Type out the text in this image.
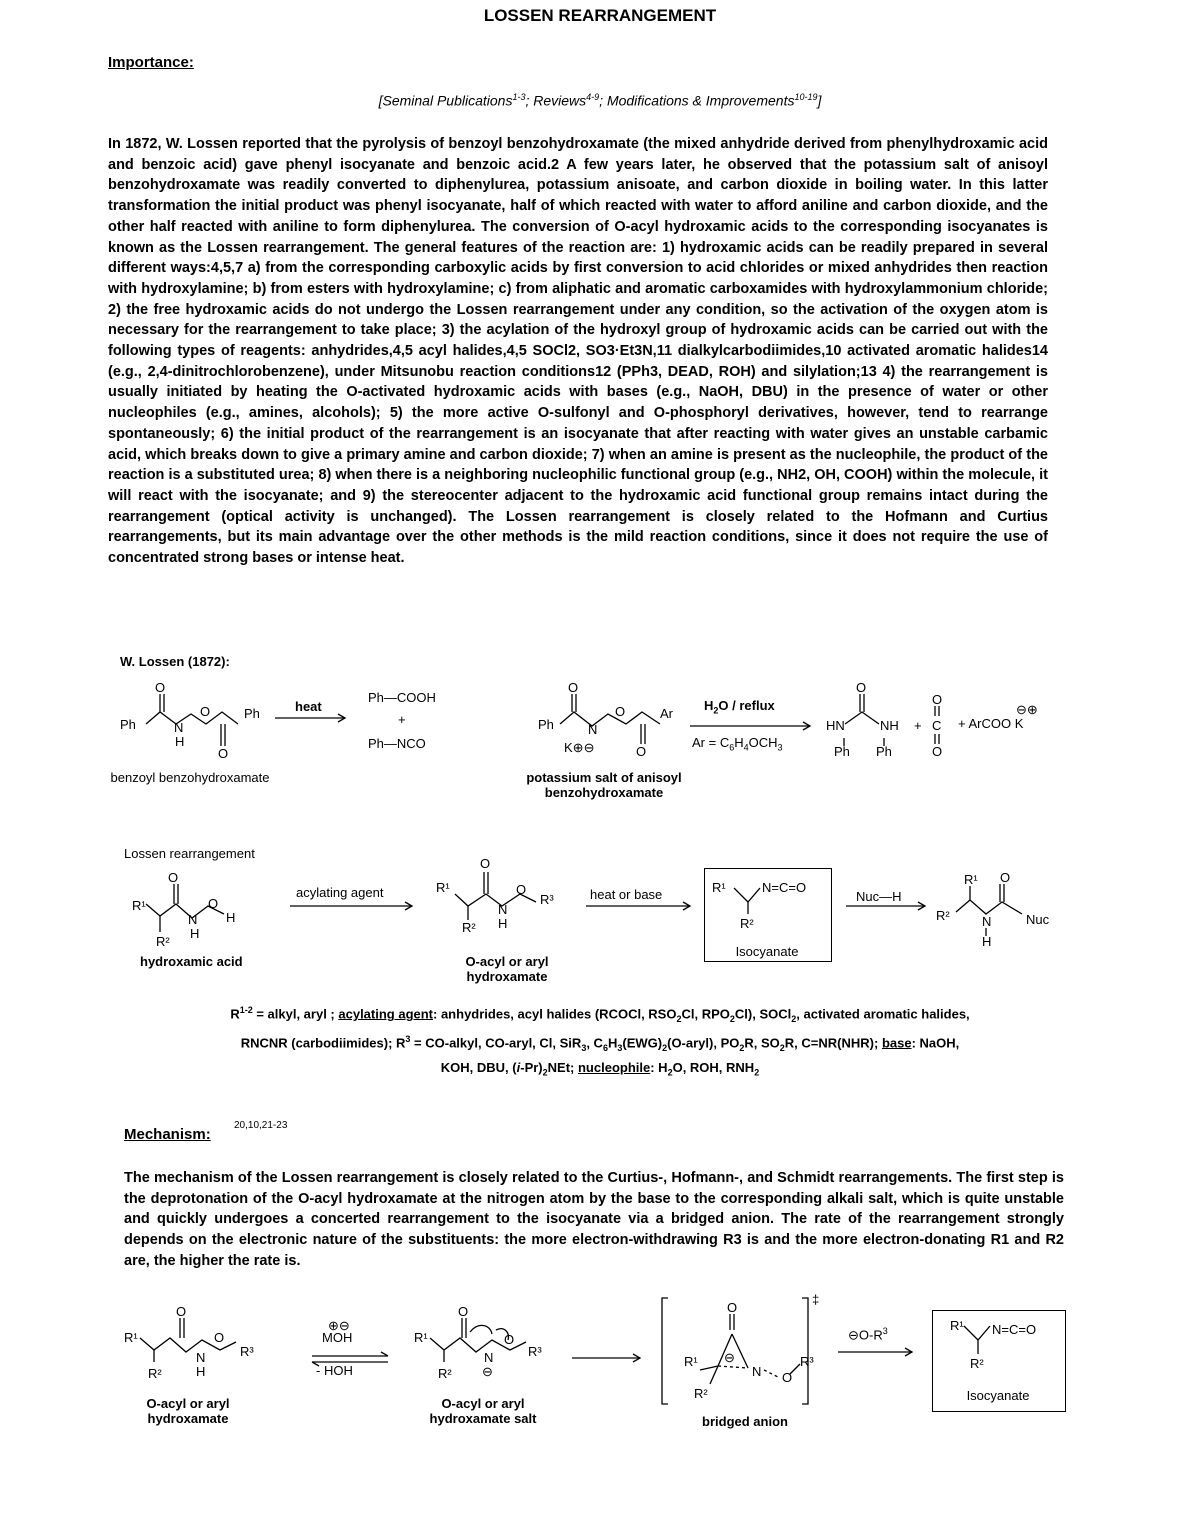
LOSSEN REARRANGEMENT
Importance:
[Seminal Publications$^{1-3}$; Reviews$^{4-9}$; Modifications & Improvements$^{10-19}$]
In 1872, W. Lossen reported that the pyrolysis of benzoyl benzohydroxamate (the mixed anhydride derived from phenylhydroxamic acid and benzoic acid) gave phenyl isocyanate and benzoic acid.2 A few years later, he observed that the potassium salt of anisoyl benzohydroxamate was readily converted to diphenylurea, potassium anisoate, and carbon dioxide in boiling water. In this latter transformation the initial product was phenyl isocyanate, half of which reacted with water to afford aniline and carbon dioxide, and the other half reacted with aniline to form diphenylurea. The conversion of O-acyl hydroxamic acids to the corresponding isocyanates is known as the Lossen rearrangement. The general features of the reaction are: 1) hydroxamic acids can be readily prepared in several different ways:4,5,7 a) from the corresponding carboxylic acids by first conversion to acid chlorides or mixed anhydrides then reaction with hydroxylamine; b) from esters with hydroxylamine; c) from aliphatic and aromatic carboxamides with hydroxylammonium chloride; 2) the free hydroxamic acids do not undergo the Lossen rearrangement under any condition, so the activation of the oxygen atom is necessary for the rearrangement to take place; 3) the acylation of the hydroxyl group of hydroxamic acids can be carried out with the following types of reagents: anhydrides,4,5 acyl halides,4,5 SOCl2, SO3·Et3N,11 dialkylcarbodiimides,10 activated aromatic halides14 (e.g., 2,4-dinitrochlorobenzene), under Mitsunobu reaction conditions12 (PPh3, DEAD, ROH) and silylation;13 4) the rearrangement is usually initiated by heating the O-activated hydroxamic acids with bases (e.g., NaOH, DBU) in the presence of water or other nucleophiles (e.g., amines, alcohols); 5) the more active O-sulfonyl and O-phosphoryl derivatives, however, tend to rearrange spontaneously; 6) the initial product of the rearrangement is an isocyanate that after reacting with water gives an unstable carbamic acid, which breaks down to give a primary amine and carbon dioxide; 7) when an amine is present as the nucleophile, the product of the reaction is a substituted urea; 8) when there is a neighboring nucleophilic functional group (e.g., NH2, OH, COOH) within the molecule, it will react with the isocyanate; and 9) the stereocenter adjacent to the hydroxamic acid functional group remains intact during the rearrangement (optical activity is unchanged). The Lossen rearrangement is closely related to the Hofmann and Curtius rearrangements, but its main advantage over the other methods is the mild reaction conditions, since it does not require the use of concentrated strong bases or intense heat.
W. Lossen (1872):
Ph
O
N
H
O	Ph
O
Ph
O
N
K⊕⊖
O	Ar
O
HN
O
NH
Ph Ph
+
O
C
O
⊖⊕
R¹
O
N
H
O
H
R²
R¹
O
N
H
O
R³
R²
R¹	N=C=O
R²
R¹ O
R² N
H
Nuc
R¹
O
N
H
O
R³
R²
⊕⊖
R¹
O
N
⊖
O
R³
R²
O
R¹ ⊖
N O
R³
R²
‡
R¹ N=C=O
R²
heat
Ph—COOH
+
Ph—NCO
benzoyl benzohydroxamate
$H_2O$ / reflux
$Ar = C_6H_4OCH_3$
potassium salt of anisoyl benzohydroxamate
+ ArCOO K
Lossen rearrangement
hydroxamic acid
acylating agent
O-acyl or aryl hydroxamate
heat or base
Isocyanate
Nuc—H
$R^{1-2}$ = alkyl, aryl ; acylating agent: anhydrides, acyl halides (RCOCl, $RSO_2Cl$, $RPO_2Cl$), SOCl$_2$, activated aromatic halides,
RNCNR (carbodiimides); $R^3$ = CO-alkyl, CO-aryl, Cl, SiR$_3$, $C_6H_3(EWG)_2(O-aryl)$, $PO_2R$, $SO_2R$, C=NR(NHR); base: NaOH,
KOH, DBU, $(i-Pr)_2NEt$; nucleophile: $H_2O$, ROH, $RNH_2$
Mechanism:
20,10,21-23
The mechanism of the Lossen rearrangement is closely related to the Curtius-, Hofmann-, and Schmidt rearrangements. The first step is the deprotonation of the O-acyl hydroxamate at the nitrogen atom by the base to the corresponding alkali salt, which is quite unstable and quickly undergoes a concerted rearrangement to the isocyanate via a bridged anion. The rate of the rearrangement strongly depends on the electronic nature of the substituents: the more electron-withdrawing R3 is and the more electron-donating R1 and R2 are, the higher the rate is.
O-acyl or aryl hydroxamate
MOH
- HOH
O-acyl or aryl hydroxamate salt	bridged anion
$⊖O-R^3$
Isocyanate
